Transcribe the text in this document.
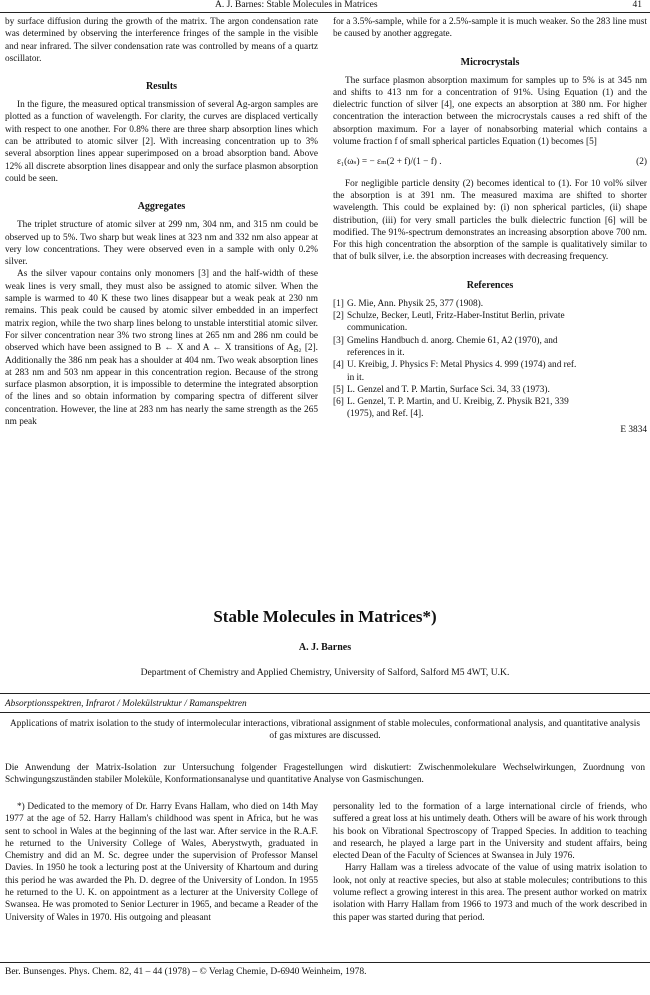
A. J. Barnes: Stable Molecules in Matrices	41

by surface diffusion during the growth of the matrix. The argon condensation rate was determined by observing the interference fringes of the sample in the visible and near infrared. The silver condensation rate was controlled by means of a quartz oscillator.

Results

In the figure, the measured optical transmission of several Ag-argon samples are plotted as a function of wavelength. For clarity, the curves are displaced vertically with respect to one another. For 0.8% there are three sharp absorption lines which can be attributed to atomic silver [2]. With increasing concentration up to 3% several absorption lines appear superimposed on a broad absorption band. Above 12% all discrete absorption lines disappear and only the surface plasmon absorption could be seen.

Aggregates

The triplet structure of atomic silver at 299 nm, 304 nm, and 315 nm could be observed up to 5%. Two sharp but weak lines at 323 nm and 332 nm also appear at very low concentrations. They were observed even in a sample with only 0.2% silver.

As the silver vapour contains only monomers [3] and the half-width of these weak lines is very small, they must also be assigned to atomic silver. When the sample is warmed to 40 K these two lines disappear but a weak peak at 230 nm remains. This peak could be caused by atomic silver embedded in an imperfect matrix region, while the two sharp lines belong to unstable interstitial atomic silver. For silver concentration near 3% two strong lines at 265 nm and 286 nm could be observed which have been assigned to B ← X and A ← X transitions of Ag₂ [2]. Additionally the 386 nm peak has a shoulder at 404 nm. Two weak absorption lines at 283 nm and 503 nm appear in this concentration region. Because of the strong surface plasmon absorption, it is impossible to determine the integrated absorption of the lines and so obtain information by comparing spectra of different silver concentration. However, the line at 283 nm has nearly the same strength as the 265 nm peak

for a 3.5%-sample, while for a 2.5%-sample it is much weaker. So the 283 line must be caused by another aggregate.

Microcrystals

The surface plasmon absorption maximum for samples up to 5% is at 345 nm and shifts to 413 nm for a concentration of 91%. Using Equation (1) and the dielectric function of silver [4], one expects an absorption at 380 nm. For higher concentration the interaction between the microcrystals causes a red shift of the absorption maximum. For a layer of nonabsorbing material which contains a volume fraction f of small spherical particles Equation (1) becomes [5]

ε₁(ωₛ) = − εₘ(2 + f)/(1 − f) .	(2)

For negligible particle density (2) becomes identical to (1). For 10 vol% silver the absorption is at 391 nm. The measured maxima are shifted to shorter wavelength. This could be explained by: (i) non spherical particles, (ii) shape distribution, (iii) for very small particles the bulk dielectric function [6] will be modified. The 91%-spectrum demonstrates an increasing absorption above 700 nm. For this high concentration the absorption of the sample is qualitatively similar to that of bulk silver, i.e. the absorption increases with decreasing frequency.

References
[1] G. Mie, Ann. Physik 25, 377 (1908).
[2] Schulze, Becker, Leutl, Fritz-Haber-Institut Berlin, private
communication.
[3] Gmelins Handbuch d. anorg. Chemie 61, A2 (1970), and
references in it.
[4] U. Kreibig, J. Physics F: Metal Physics 4. 999 (1974) and ref.
in it.
[5] L. Genzel and T. P. Martin, Surface Sci. 34, 33 (1973).
[6] L. Genzel, T. P. Martin, and U. Kreibig, Z. Physik B21, 339
(1975), and Ref. [4].
E 3834
Stable Molecules in Matrices*)
A. J. Barnes
Department of Chemistry and Applied Chemistry, University of Salford, Salford M5 4WT, U.K.
Absorptionsspektren, Infrarot / Molekülstruktur / Ramanspektren
Applications of matrix isolation to the study of intermolecular interactions, vibrational assignment of stable molecules, conformational analysis, and quantitative analysis of gas mixtures are discussed.
Die Anwendung der Matrix-Isolation zur Untersuchung folgender Fragestellungen wird diskutiert: Zwischenmolekulare Wechselwirkungen, Zuordnung von Schwingungszuständen stabiler Moleküle, Konformationsanalyse und quantitative Analyse von Gasmischungen.

*) Dedicated to the memory of Dr. Harry Evans Hallam, who died on 14th May 1977 at the age of 52. Harry Hallam's childhood was spent in Africa, but he was sent to school in Wales at the beginning of the last war. After service in the R.A.F. he returned to the University College of Wales, Aberystwyth, graduated in Chemistry and did an M. Sc. degree under the supervision of Professor Mansel Davies. In 1950 he took a lecturing post at the University of Khartoum and during this period he was awarded the Ph. D. degree of the University of London. In 1955 he returned to the U. K. on appointment as a lecturer at the University College of Swansea. He was promoted to Senior Lecturer in 1965, and became a Reader of the University of Wales in 1970. His outgoing and pleasant

personality led to the formation of a large international circle of friends, who suffered a great loss at his untimely death. Others will be aware of his work through his book on Vibrational Spectroscopy of Trapped Species. In addition to teaching and research, he played a large part in the University and student affairs, being elected Dean of the Faculty of Sciences at Swansea in July 1976.

Harry Hallam was a tireless advocate of the value of using matrix isolation to look, not only at reactive species, but also at stable molecules; contributions to this volume reflect a growing interest in this area. The present author worked on matrix isolation with Harry Hallam from 1966 to 1973 and much of the work described in this paper was started during that period.

Ber. Bunsenges. Phys. Chem. 82, 41 – 44 (1978) – © Verlag Chemie, D-6940 Weinheim, 1978.
